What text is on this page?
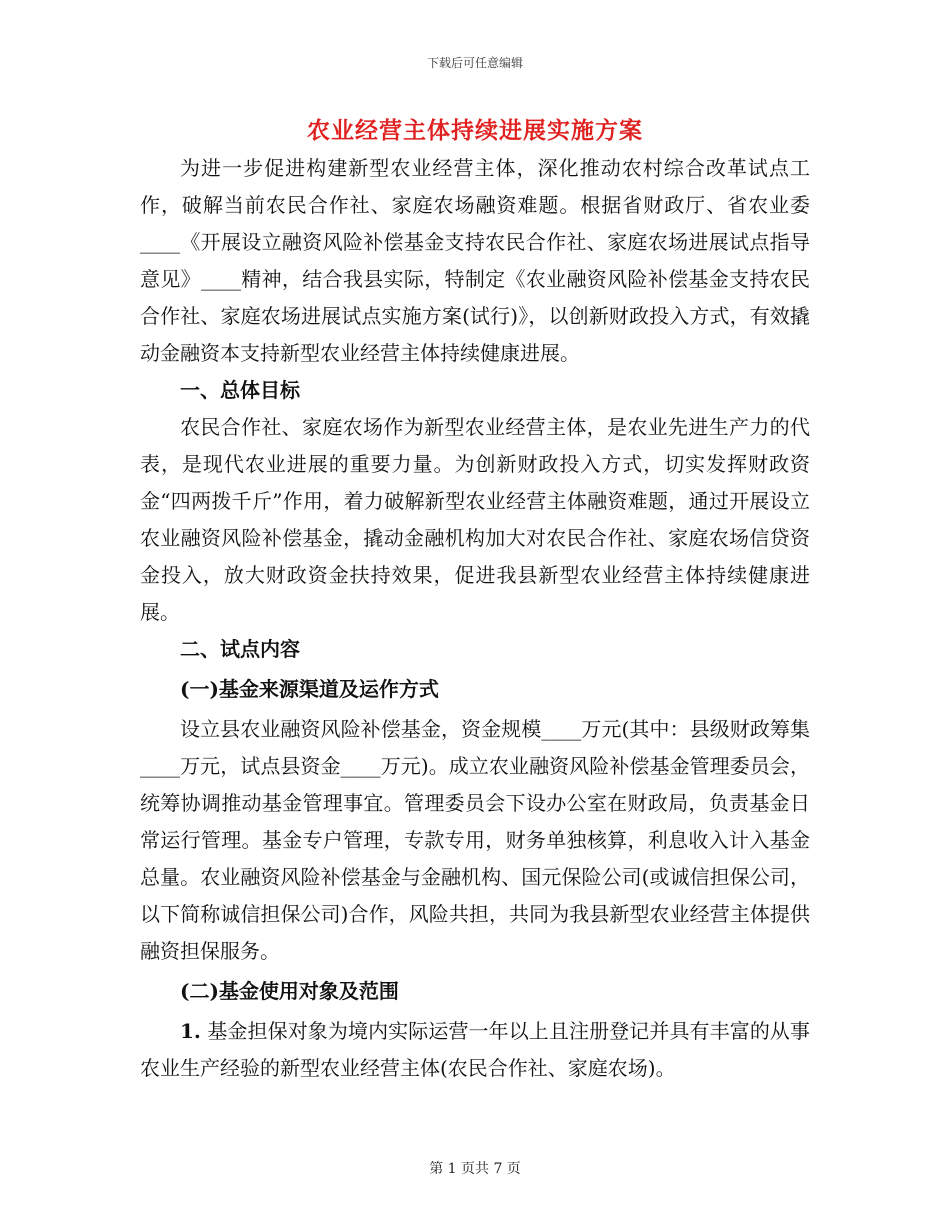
下载后可任意编辑
农业经营主体持续进展实施方案

为进一步促进构建新型农业经营主体，深化推动农村综合改革试点工作，破解当前农民合作社、家庭农场融资难题。根据省财政厅、省农业委____《开展设立融资风险补偿基金支持农民合作社、家庭农场进展试点指导意见》____精神，结合我县实际，特制定《农业融资风险补偿基金支持农民合作社、家庭农场进展试点实施方案(试行)》，以创新财政投入方式，有效撬动金融资本支持新型农业经营主体持续健康进展。

一、总体目标

农民合作社、家庭农场作为新型农业经营主体，是农业先进生产力的代表，是现代农业进展的重要力量。为创新财政投入方式，切实发挥财政资金“四两拨千斤”作用，着力破解新型农业经营主体融资难题，通过开展设立农业融资风险补偿基金，撬动金融机构加大对农民合作社、家庭农场信贷资金投入，放大财政资金扶持效果，促进我县新型农业经营主体持续健康进展。

二、试点内容

(一)基金来源渠道及运作方式

设立县农业融资风险补偿基金，资金规模____万元(其中：县级财政筹集____万元，试点县资金____万元)。成立农业融资风险补偿基金管理委员会，统筹协调推动基金管理事宜。管理委员会下设办公室在财政局，负责基金日常运行管理。基金专户管理，专款专用，财务单独核算，利息收入计入基金总量。农业融资风险补偿基金与金融机构、国元保险公司(或诚信担保公司，以下简称诚信担保公司)合作，风险共担，共同为我县新型农业经营主体提供融资担保服务。

(二)基金使用对象及范围

1. 基金担保对象为境内实际运营一年以上且注册登记并具有丰富的从事农业生产经验的新型农业经营主体(农民合作社、家庭农场)。

第 1 页共 7 页
